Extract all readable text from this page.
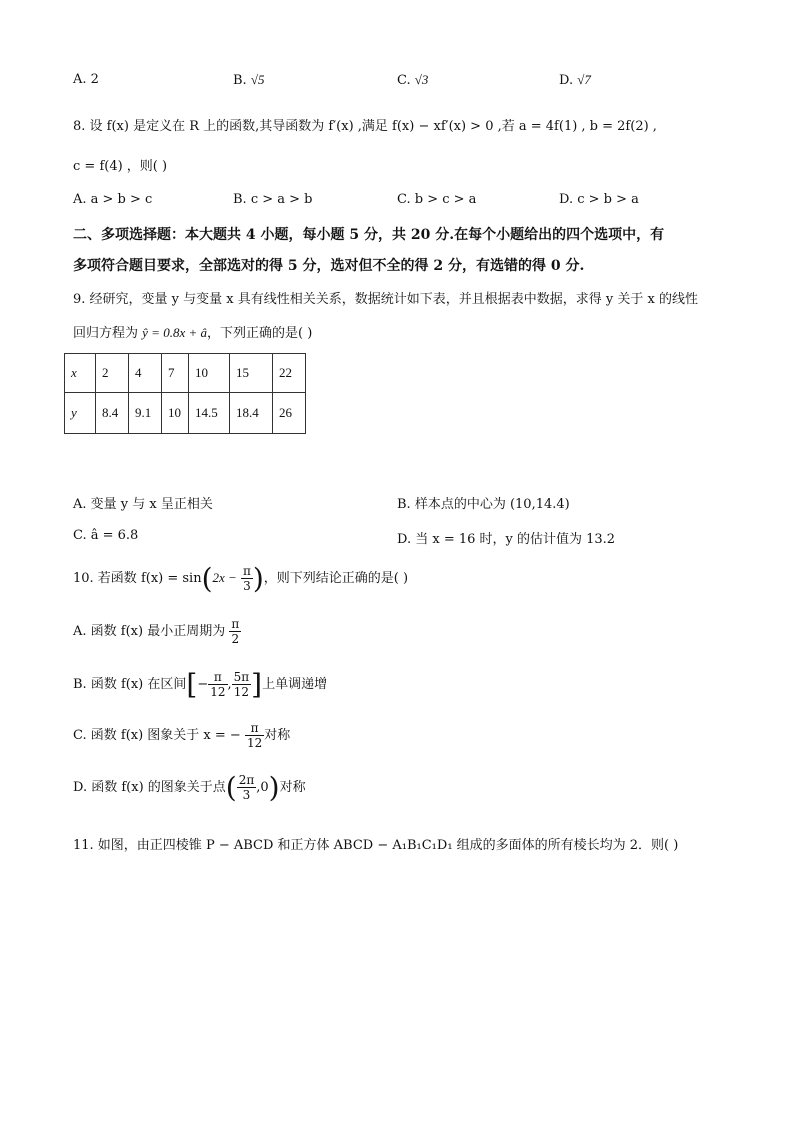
A. 2	B. √5	C. √3	D. √7
8. 设 f(x) 是定义在 R 上的函数,其导函数为 f′(x) ,满足 f(x) − xf′(x) > 0 ,若 a = 4f(1) , b = 2f(2) ,
c = f(4) ，则( )
A. a > b > c	B. c > a > b	C. b > c > a	D. c > b > a
二、多项选择题：本大题共 4 小题，每小题 5 分，共 20 分.在每个小题给出的四个选项中，有
多项符合题目要求，全部选对的得 5 分，选对但不全的得 2 分，有选错的得 0 分.
9. 经研究，变量 y 与变量 x 具有线性相关关系，数据统计如下表，并且根据表中数据，求得 y 关于 x 的线性
回归方程为 ŷ = 0.8x + â，下列正确的是( )
x	2	4	7	10	15	22
y	8.4	9.1	10	14.5	18.4	26
A. 变量 y 与 x 呈正相关	B. 样本点的中心为 (10,14.4)
C. â = 6.8	D. 当 x = 16 时，y 的估计值为 13.2
10. 若函数 $f(x) = \sin(2x - \frac{\pi}{3}$ )，则下列结论正确的是( )
A. 函数 f(x) 最小正周期为 $\frac{\pi}{2}$
B. 函数 f(x) 在区间[− $\frac{\pi}{12}$ , $\frac{5\pi}{12}$ ]上单调递增
C. 函数 f(x) 图象关于 x = − $\frac{\pi}{12}$ 对称
D. 函数 f(x) 的图象关于点( $\frac{2\pi}{3} ,0$)对称
11. 如图，由正四棱锥 P − ABCD 和正方体 ABCD − A₁B₁C₁D₁ 组成的多面体的所有棱长均为 2．则( )
